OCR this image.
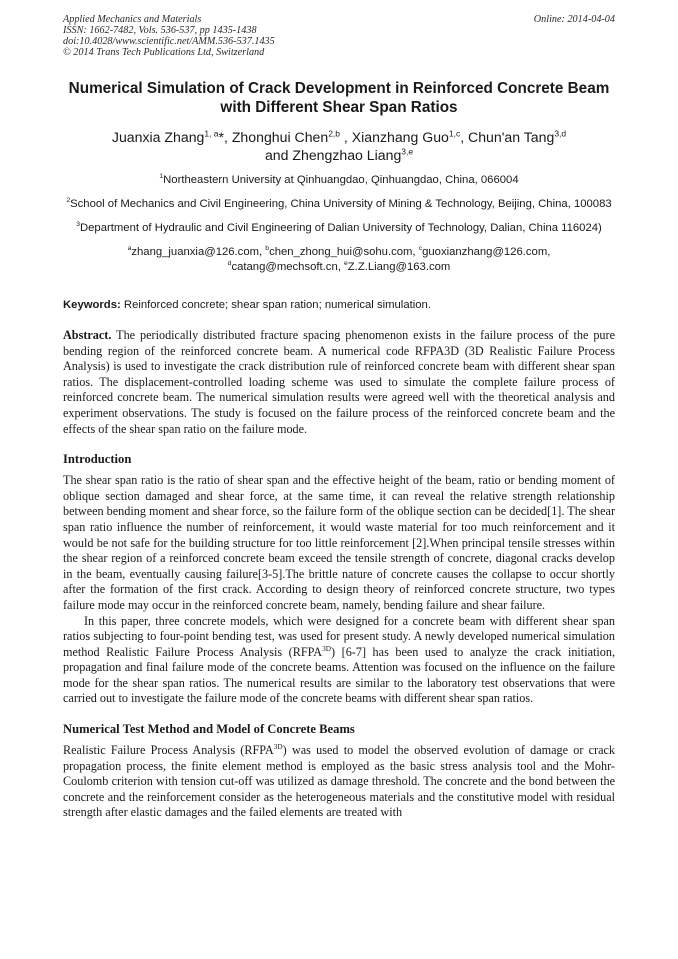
Applied Mechanics and Materials
ISSN: 1662-7482, Vols. 536-537, pp 1435-1438
doi:10.4028/www.scientific.net/AMM.536-537.1435
© 2014 Trans Tech Publications Ltd, Switzerland
Online: 2014-04-04
Numerical Simulation of Crack Development in Reinforced Concrete Beam with Different Shear Span Ratios
Juanxia Zhang$^{1, a}$*, Zhonghui Chen$^{2,b}$ , Xianzhang Guo$^{1,c}$, Chun'an Tang$^{3,d}$
and Zhengzhao Liang$^{3,e}$
$^1$Northeastern University at Qinhuangdao, Qinhuangdao, China, 066004
$^2$School of Mechanics and Civil Engineering, China University of Mining & Technology, Beijing, China, 100083
$^3$Department of Hydraulic and Civil Engineering of Dalian University of Technology, Dalian, China 116024)
$^a$zhang_juanxia@126.com, $^b$chen_zhong_hui@sohu.com, $^c$guoxianzhang@126.com,
$^d$catang@mechsoft.cn, $^e$Z.Z.Liang@163.com
Keywords: Reinforced concrete; shear span ration; numerical simulation.

Abstract. The periodically distributed fracture spacing phenomenon exists in the failure process of the pure bending region of the reinforced concrete beam. A numerical code RFPA3D (3D Realistic Failure Process Analysis) is used to investigate the crack distribution rule of reinforced concrete beam with different shear span ratios. The displacement-controlled loading scheme was used to simulate the complete failure process of reinforced concrete beam. The numerical simulation results were agreed well with the theoretical analysis and experiment observations. The study is focused on the failure process of the reinforced concrete beam and the effects of the shear span ratio on the failure mode.

Introduction

The shear span ratio is the ratio of shear span and the effective height of the beam, ratio or bending moment of oblique section damaged and shear force, at the same time, it can reveal the relative strength relationship between bending moment and shear force, so the failure form of the oblique section can be decided[1]. The shear span ratio influence the number of reinforcement, it would waste material for too much reinforcement and it would be not safe for the building structure for too little reinforcement [2].When principal tensile stresses within the shear region of a reinforced concrete beam exceed the tensile strength of concrete, diagonal cracks develop in the beam, eventually causing failure[3-5].The brittle nature of concrete causes the collapse to occur shortly after the formation of the first crack. According to design theory of reinforced concrete structure, two types failure mode may occur in the reinforced concrete beam, namely, bending failure and shear failure.

In this paper, three concrete models, which were designed for a concrete beam with different shear span ratios subjecting to four-point bending test, was used for present study. A newly developed numerical simulation method Realistic Failure Process Analysis (RFPA$^{3D}$) [6-7] has been used to analyze the crack initiation, propagation and final failure mode of the concrete beams. Attention was focused on the influence on the failure mode for the shear span ratios. The numerical results are similar to the laboratory test observations that were carried out to investigate the failure mode of the concrete beams with different shear span ratios.

Numerical Test Method and Model of Concrete Beams

Realistic Failure Process Analysis (RFPA$^{3D}$) was used to model the observed evolution of damage or crack propagation process, the finite element method is employed as the basic stress analysis tool and the Mohr-Coulomb criterion with tension cut-off was utilized as damage threshold. The concrete and the bond between the concrete and the reinforcement consider as the heterogeneous materials and the constitutive model with residual strength after elastic damages and the failed elements are treated with
